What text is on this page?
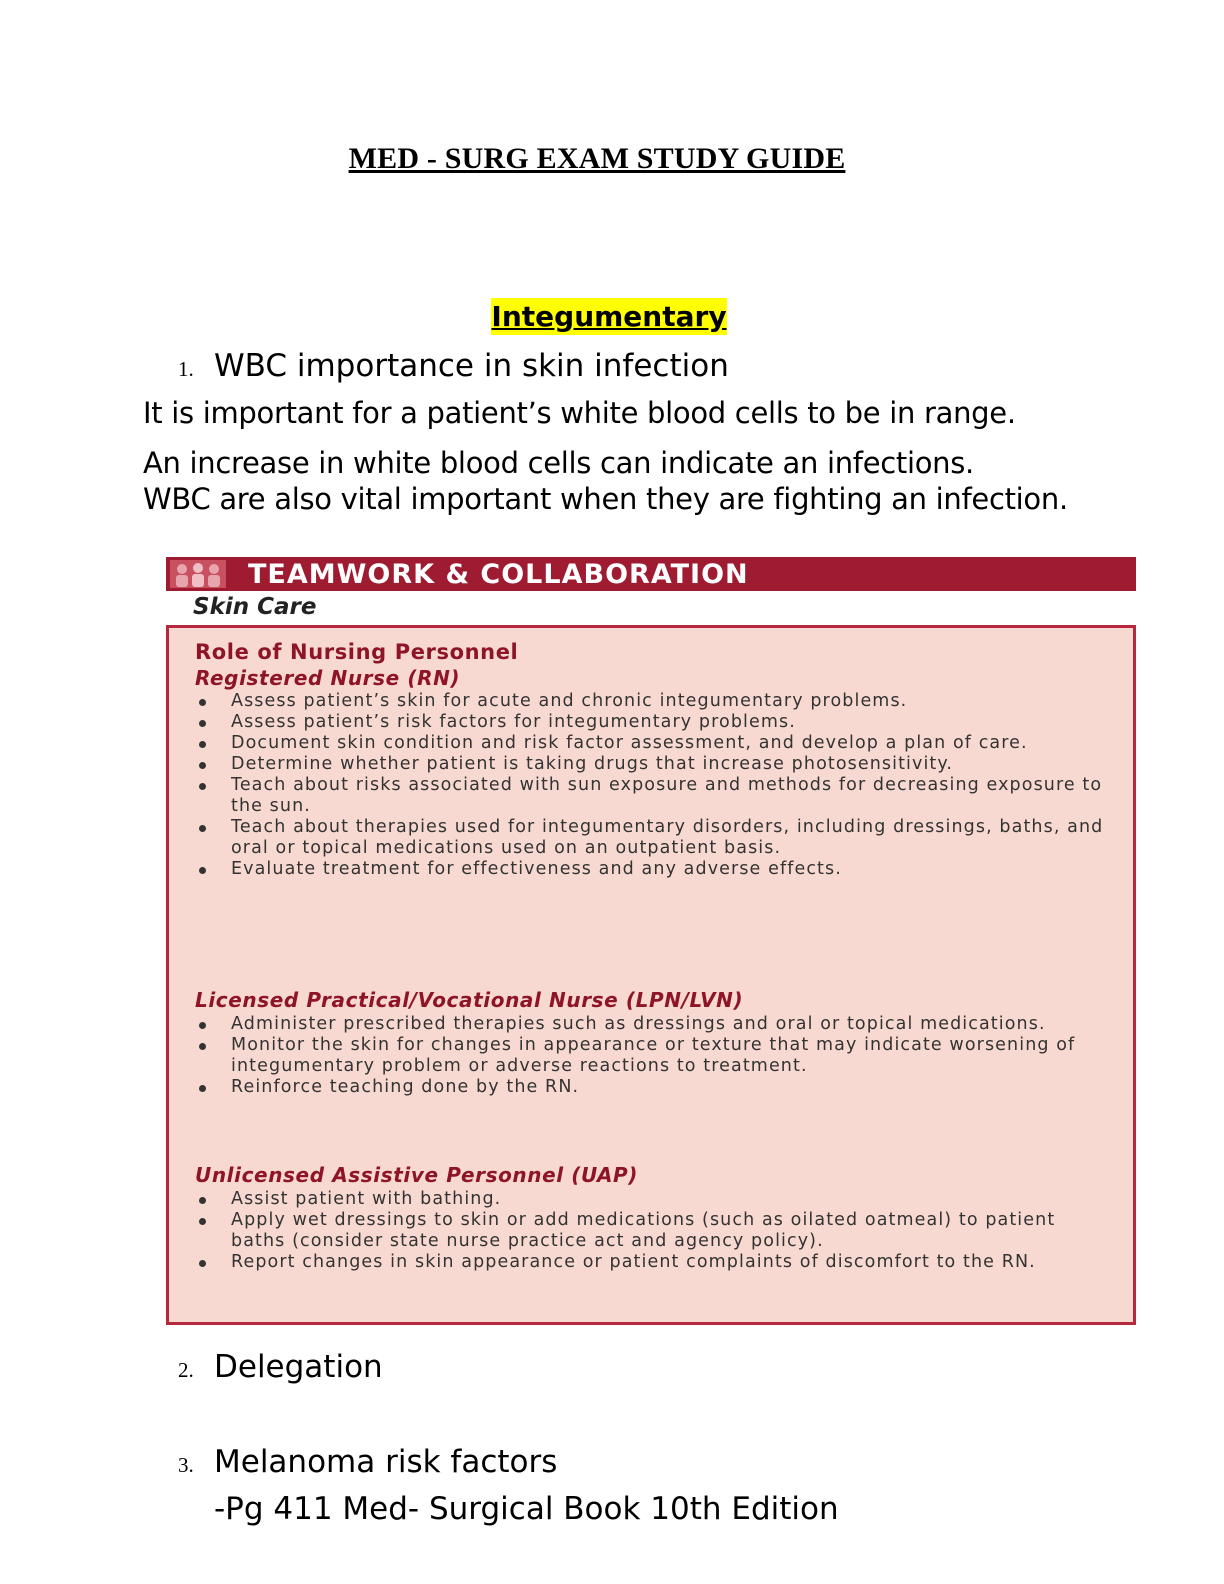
MED - SURG EXAM STUDY GUIDE
Integumentary
1. WBC importance in skin infection
It is important for a patient’s white blood cells to be in range.
An increase in white blood cells can indicate an infections.
WBC are also vital important when they are fighting an infection.
TEAMWORK & COLLABORATION
Skin Care
Role of Nursing Personnel
Registered Nurse (RN)
Assess patient’s skin for acute and chronic integumentary problems.
Assess patient’s risk factors for integumentary problems.
Document skin condition and risk factor assessment, and develop a plan of care.
Determine whether patient is taking drugs that increase photosensitivity.
Teach about risks associated with sun exposure and methods for decreasing exposure to the sun.
Teach about therapies used for integumentary disorders, including dressings, baths, and oral or topical medications used on an outpatient basis.
Evaluate treatment for effectiveness and any adverse effects.
Licensed Practical/Vocational Nurse (LPN/LVN)
Administer prescribed therapies such as dressings and oral or topical medications.
Monitor the skin for changes in appearance or texture that may indicate worsening of integumentary problem or adverse reactions to treatment.
Reinforce teaching done by the RN.
Unlicensed Assistive Personnel (UAP)
Assist patient with bathing.
Apply wet dressings to skin or add medications (such as oilated oatmeal) to patient baths (consider state nurse practice act and agency policy).
Report changes in skin appearance or patient complaints of discomfort to the RN.
2. Delegation
3. Melanoma risk factors
-Pg 411 Med- Surgical Book 10th Edition
